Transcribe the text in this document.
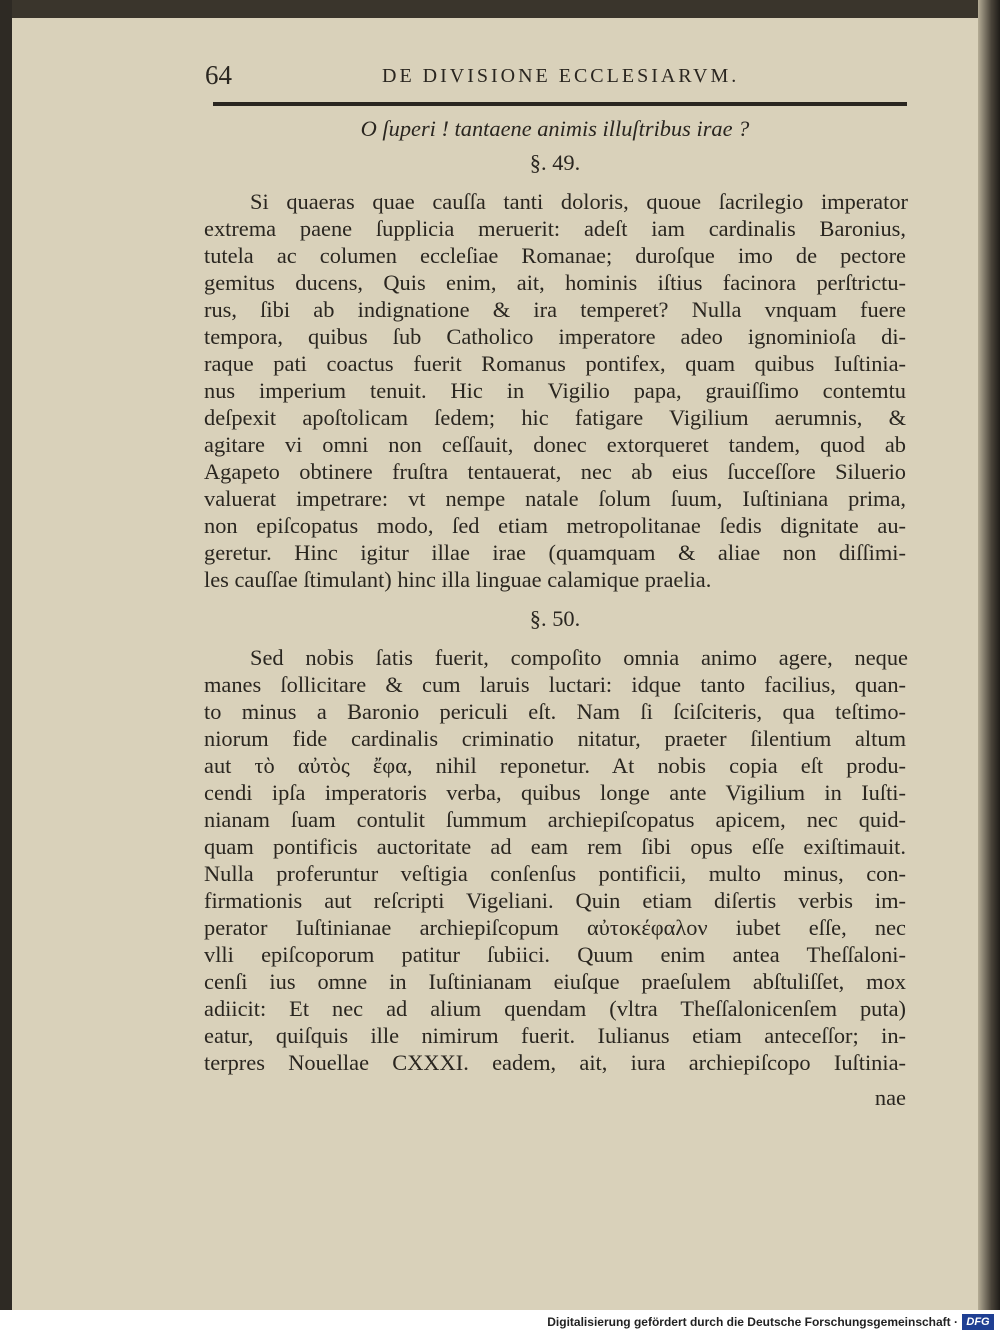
64	DE DIVISIONE ECCLESIARVM.
O ſuperi ! tantaene animis illuſtribus irae ?
§. 49.
Si quaeras quae cauſſa tanti doloris, quoue ſacrilegio imperator
extrema paene ſupplicia meruerit: adeſt iam cardinalis Baronius,
tutela ac columen eccleſiae Romanae; duroſque imo de pectore
gemitus ducens, Quis enim, ait, hominis iſtius facinora perſtrictu-
rus, ſibi ab indignatione & ira temperet? Nulla vnquam fuere
tempora, quibus ſub Catholico imperatore adeo ignominioſa di-
raque pati coactus fuerit Romanus pontifex, quam quibus Iuſtinia-
nus imperium tenuit. Hic in Vigilio papa, grauiſſimo contemtu
deſpexit apoſtolicam ſedem; hic fatigare Vigilium aerumnis, &
agitare vi omni non ceſſauit, donec extorqueret tandem, quod ab
Agapeto obtinere fruſtra tentauerat, nec ab eius ſucceſſore Siluerio
valuerat impetrare: vt nempe natale ſolum ſuum, Iuſtiniana prima,
non epiſcopatus modo, ſed etiam metropolitanae ſedis dignitate au-
geretur. Hinc igitur illae irae (quamquam & aliae non diſſimi-
les cauſſae ſtimulant) hinc illa linguae calamique praelia.
§. 50.
Sed nobis ſatis fuerit, compoſito omnia animo agere, neque
manes ſollicitare & cum laruis luctari: idque tanto facilius, quan-
to minus a Baronio periculi eſt. Nam ſi ſciſciteris, qua teſtimo-
niorum fide cardinalis criminatio nitatur, praeter ſilentium altum
aut τὸ αὐτὸς ἔφα, nihil reponetur. At nobis copia eſt produ-
cendi ipſa imperatoris verba, quibus longe ante Vigilium in Iuſti-
nianam ſuam contulit ſummum archiepiſcopatus apicem, nec quid-
quam pontificis auctoritate ad eam rem ſibi opus eſſe exiſtimauit.
Nulla proferuntur veſtigia conſenſus pontificii, multo minus, con-
firmationis aut reſcripti Vigeliani. Quin etiam diſertis verbis im-
perator Iuſtinianae archiepiſcopum αὐτοκέφαλον iubet eſſe, nec
vlli epiſcoporum patitur ſubiici. Quum enim antea Theſſaloni-
cenſi ius omne in Iuſtinianam eiuſque praeſulem abſtuliſſet, mox
adiicit: Et nec ad alium quendam (vltra Theſſalonicenſem puta)
eatur, quiſquis ille nimirum fuerit. Iulianus etiam anteceſſor; in-
terpres Nouellae CXXXI. eadem, ait, iura archiepiſcopo Iuſtinia-
nae
Digitalisierung gefördert durch die Deutsche Forschungsgemeinschaft · DFG
